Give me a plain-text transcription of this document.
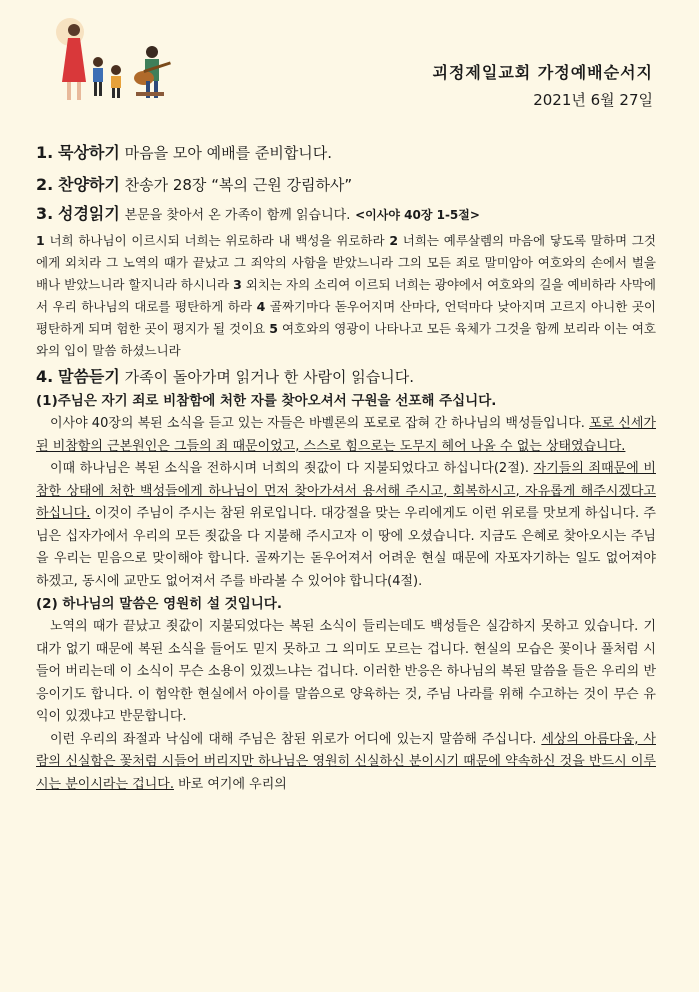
괴정제일교회 가정예배순서지
2021년 6월 27일

1. 묵상하기 마음을 모아 예배를 준비합니다.

2. 찬양하기 찬송가 28장 “복의 근원 강림하사”

3. 성경읽기 본문을 찾아서 온 가족이 함께 읽습니다. <이사야 40장 1-5절>

1 너희 하나님이 이르시되 너희는 위로하라 내 백성을 위로하라 2 너희는 예루살렘의 마음에 닿도록 말하며 그것에게 외치라 그 노역의 때가 끝났고 그 죄악의 사함을 받았느니라 그의 모든 죄로 말미암아 여호와의 손에서 벌을 배나 받았느니라 할지니라 하시니라 3 외치는 자의 소리여 이르되 너희는 광야에서 여호와의 길을 예비하라 사막에서 우리 하나님의 대로를 평탄하게 하라 4 골짜기마다 돋우어지며 산마다, 언덕마다 낮아지며 고르지 아니한 곳이 평탄하게 되며 험한 곳이 평지가 될 것이요 5 여호와의 영광이 나타나고 모든 육체가 그것을 함께 보리라 이는 여호와의 입이 말씀 하셨느니라

4. 말씀듣기 가족이 돌아가며 읽거나 한 사람이 읽습니다.

(1)주님은 자기 죄로 비참함에 처한 자를 찾아오셔서 구원을 선포해 주십니다.

이사야 40장의 복된 소식을 듣고 있는 자들은 바벨론의 포로로 잡혀 간 하나님의 백성들입니다. 포로 신세가 된 비참함의 근본원인은 그들의 죄 때문이었고, 스스로 힘으로는 도무지 헤어 나올 수 없는 상태였습니다.

이때 하나님은 복된 소식을 전하시며 너희의 죗값이 다 지불되었다고 하십니다(2절). 자기들의 죄때문에 비참한 상태에 처한 백성들에게 하나님이 먼저 찾아가셔서 용서해 주시고, 회복하시고, 자유롭게 해주시겠다고 하십니다. 이것이 주님이 주시는 참된 위로입니다. 대강절을 맞는 우리에게도 이런 위로를 맛보게 하십니다. 주님은 십자가에서 우리의 모든 죗값을 다 지불해 주시고자 이 땅에 오셨습니다. 지금도 은혜로 찾아오시는 주님을 우리는 믿음으로 맞이해야 합니다. 골짜기는 돋우어져서 어려운 현실 때문에 자포자기하는 일도 없어져야 하겠고, 동시에 교만도 없어져서 주를 바라볼 수 있어야 합니다(4절).

(2) 하나님의 말씀은 영원히 설 것입니다.

노역의 때가 끝났고 죗값이 지불되었다는 복된 소식이 들리는데도 백성들은 실감하지 못하고 있습니다. 기대가 없기 때문에 복된 소식을 들어도 믿지 못하고 그 의미도 모르는 겁니다. 현실의 모습은 꽃이나 풀처럼 시들어 버리는데 이 소식이 무슨 소용이 있겠느냐는 겁니다. 이러한 반응은 하나님의 복된 말씀을 들은 우리의 반응이기도 합니다. 이 험악한 현실에서 아이를 말씀으로 양육하는 것, 주님 나라를 위해 수고하는 것이 무슨 유익이 있겠냐고 반문합니다.

이런 우리의 좌절과 낙심에 대해 주님은 참된 위로가 어디에 있는지 말씀해 주십니다. 세상의 아름다움, 사람의 신실함은 꽃처럼 시들어 버리지만 하나님은 영원히 신실하신 분이시기 때문에 약속하신 것을 반드시 이루시는 분이시라는 겁니다. 바로 여기에 우리의
